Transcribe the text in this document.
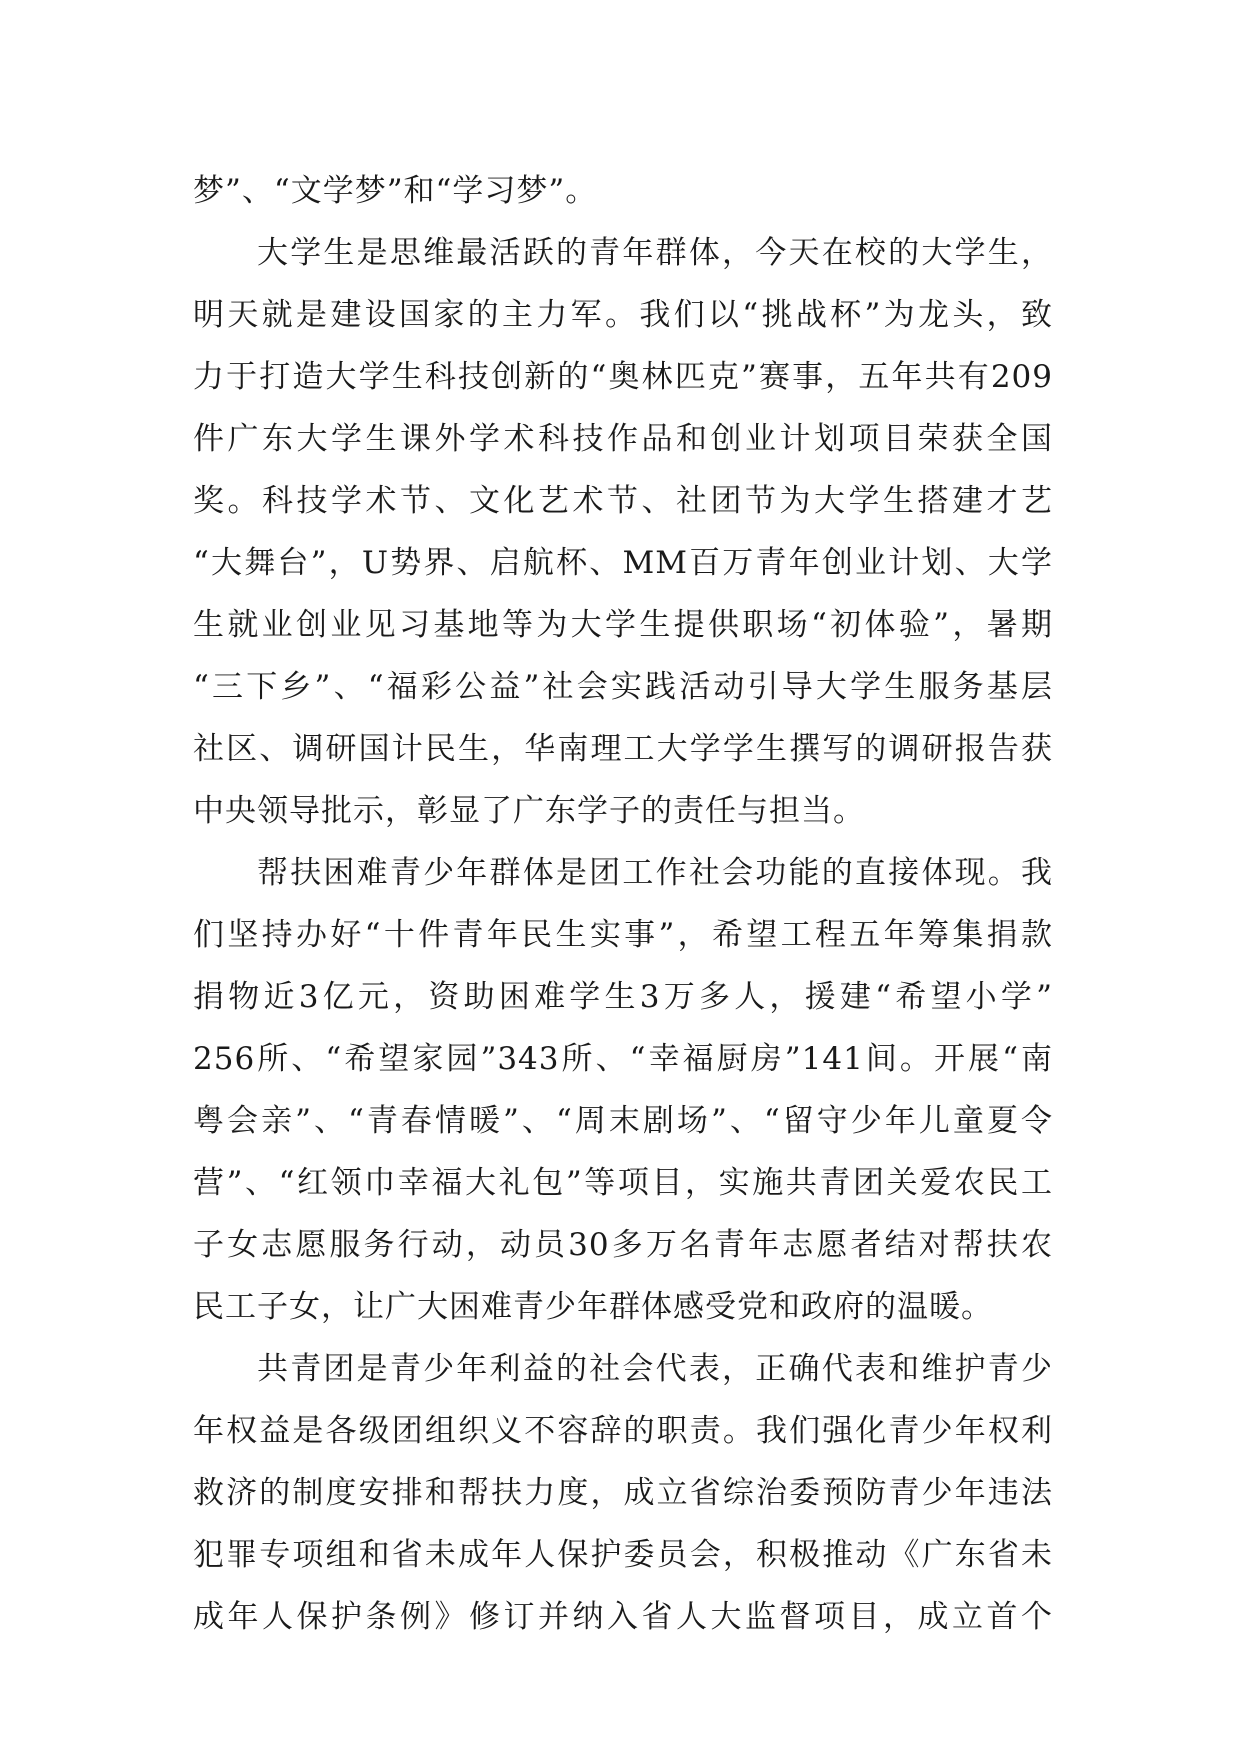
梦”、“文学梦”和“学习梦”。
大学生是思维最活跃的青年群体，今天在校的大学生，
明天就是建设国家的主力军。我们以“挑战杯”为龙头，致
力于打造大学生科技创新的“奥林匹克”赛事，五年共有209
件广东大学生课外学术科技作品和创业计划项目荣获全国
奖。科技学术节、文化艺术节、社团节为大学生搭建才艺
“大舞台”，U势界、启航杯、MM百万青年创业计划、大学
生就业创业见习基地等为大学生提供职场“初体验”，暑期
“三下乡”、“福彩公益”社会实践活动引导大学生服务基层
社区、调研国计民生，华南理工大学学生撰写的调研报告获
中央领导批示，彰显了广东学子的责任与担当。
帮扶困难青少年群体是团工作社会功能的直接体现。我
们坚持办好“十件青年民生实事”，希望工程五年筹集捐款
捐物近3亿元，资助困难学生3万多人，援建“希望小学”
256所、“希望家园”343所、“幸福厨房”141间。开展“南
粤会亲”、“青春情暖”、“周末剧场”、“留守少年儿童夏令
营”、“红领巾幸福大礼包”等项目，实施共青团关爱农民工
子女志愿服务行动，动员30多万名青年志愿者结对帮扶农
民工子女，让广大困难青少年群体感受党和政府的温暖。
共青团是青少年利益的社会代表，正确代表和维护青少
年权益是各级团组织义不容辞的职责。我们强化青少年权利
救济的制度安排和帮扶力度，成立省综治委预防青少年违法
犯罪专项组和省未成年人保护委员会，积极推动《广东省未
成年人保护条例》修订并纳入省人大监督项目，成立首个
